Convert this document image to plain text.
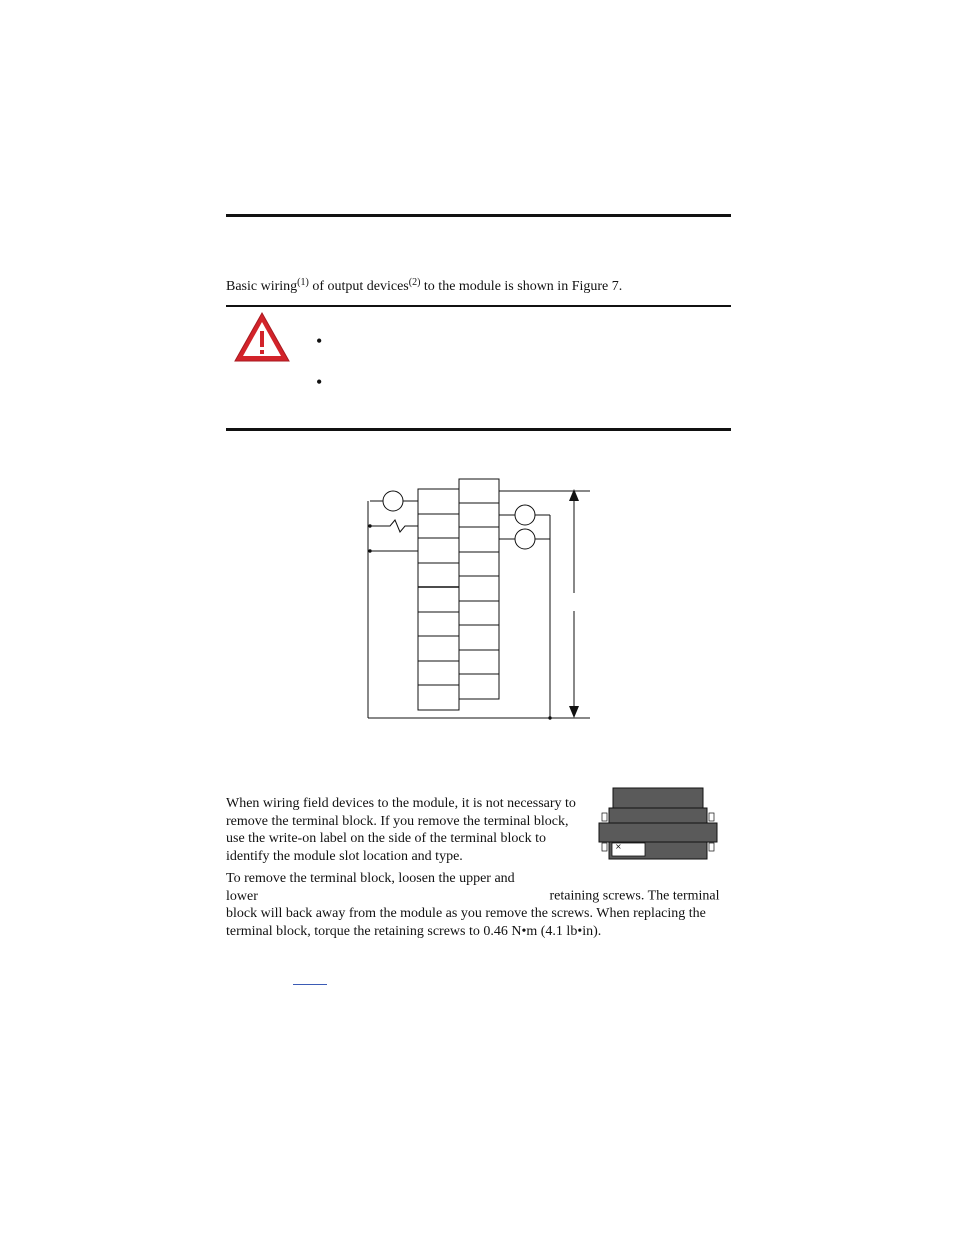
Basic wiring$^{(1)}$ of output devices$^{(2)}$ to the module is shown in Figure 7.
•
•

When wiring field devices to the module, it is not necessary to remove the terminal block. If you remove the terminal block, use the write-on label on the side of the terminal block to identify the module slot location and type.

×

To remove the terminal block, loosen the upper and lower	retaining screws. The terminal block will back away from the module as you remove the screws. When replacing the terminal block, torque the retaining screws to 0.46 N•m (4.1 lb•in).
